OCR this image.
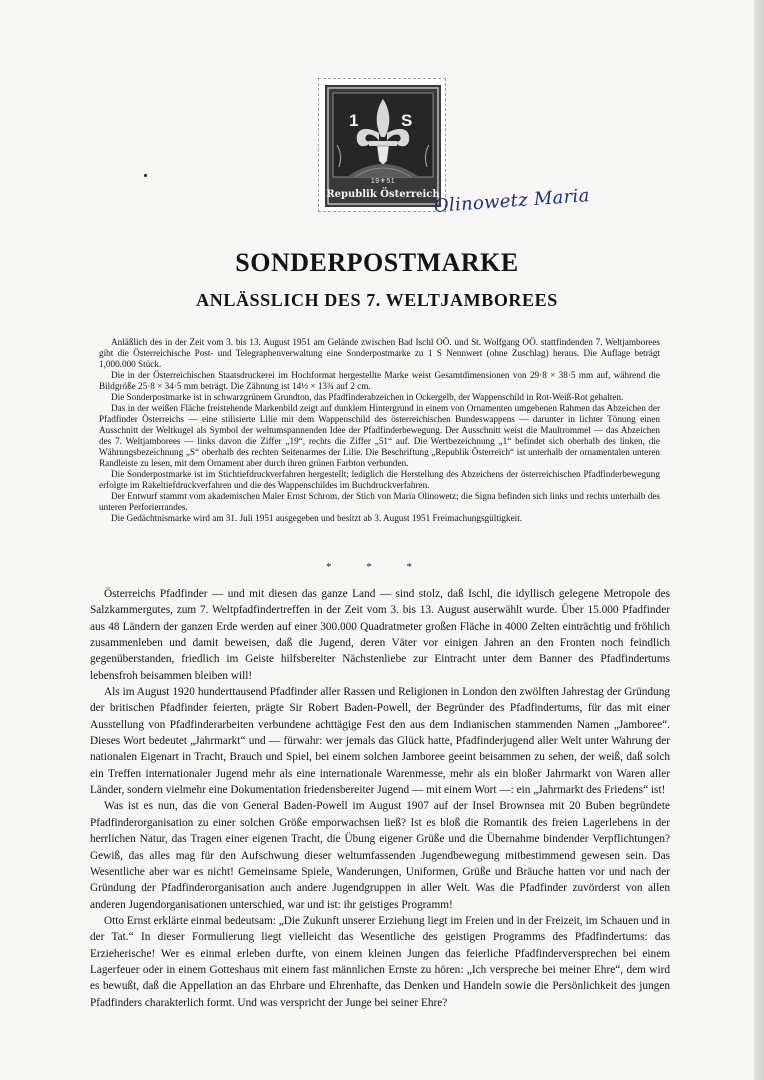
1	S
19⚜51
Republik Österreich
Olinowetz Maria
SONDERPOSTMARKE
ANLÄSSLICH DES 7. WELTJAMBOREES

Anläßlich des in der Zeit vom 3. bis 13. August 1951 am Gelände zwischen Bad Ischl OÖ. und St. Wolfgang OÖ. stattfindenden 7. Weltjamborees gibt die Österreichische Post- und Telegraphenverwaltung eine Sonderpostmarke zu 1 S Nennwert (ohne Zuschlag) heraus. Die Auflage beträgt 1,000.000 Stück.

Die in der Österreichischen Staatsdruckerei im Hochformat hergestellte Marke weist Gesamtdimensionen von 29·8 × 38·5 mm auf, während die Bildgröße 25·8 × 34·5 mm beträgt. Die Zähnung ist 14½ × 13¾ auf 2 cm.

Die Sonderpostmarke ist in schwarzgrünem Grundton, das Pfadfinderabzeichen in Ockergelb, der Wappenschild in Rot-Weiß-Rot gehalten.

Das in der weißen Fläche freistehende Markenbild zeigt auf dunklem Hintergrund in einem von Ornamenten umgebenen Rahmen das Abzeichen der Pfadfinder Österreichs — eine stilisierte Lilie mit dem Wappenschild des österreichischen Bundeswappens — darunter in lichter Tönung einen Ausschnitt der Weltkugel als Symbol der weltumspannenden Idee der Pfadfinderbewegung. Der Ausschnitt weist die Maultrommel — das Abzeichen des 7. Weltjamborees — links davon die Ziffer „19“, rechts die Ziffer „51“ auf. Die Wertbezeichnung „1“ befindet sich oberhalb des linken, die Währungsbezeichnung „S“ oberhalb des rechten Seitenarmes der Lilie. Die Beschriftung „Republik Österreich“ ist unterhalb der ornamentalen unteren Randleiste zu lesen, mit dem Ornament aber durch ihren grünen Farbton verbunden.

Die Sonderpostmarke ist im Stichtiefdruckverfahren hergestellt; lediglich die Herstellung des Abzeichens der österreichischen Pfadfinderbewegung erfolgte im Rakeltiefdruckverfahren und die des Wappenschildes im Buchdruckverfahren.

Der Entwurf stammt vom akademischen Maler Ernst Schrom, der Stich von Maria Olinowetz; die Signa befinden sich links und rechts unterhalb des unteren Perforierrandes.

Die Gedächtnismarke wird am 31. Juli 1951 ausgegeben und besitzt ab 3. August 1951 Freimachungsgültigkeit.

* * *

Österreichs Pfadfinder — und mit diesen das ganze Land — sind stolz, daß Ischl, die idyllisch gelegene Metropole des Salzkammergutes, zum 7. Weltpfadfindertreffen in der Zeit vom 3. bis 13. August auserwählt wurde. Über 15.000 Pfadfinder aus 48 Ländern der ganzen Erde werden auf einer 300.000 Quadratmeter großen Fläche in 4000 Zelten einträchtig und fröhlich zusammenleben und damit beweisen, daß die Jugend, deren Väter vor einigen Jahren an den Fronten noch feindlich gegenüberstanden, friedlich im Geiste hilfsbereiter Nächstenliebe zur Eintracht unter dem Banner des Pfadfindertums lebensfroh beisammen bleiben will!

Als im August 1920 hunderttausend Pfadfinder aller Rassen und Religionen in London den zwölften Jahrestag der Gründung der britischen Pfadfinder feierten, prägte Sir Robert Baden-Powell, der Begründer des Pfadfindertums, für das mit einer Ausstellung von Pfadfinderarbeiten verbundene achttägige Fest den aus dem Indianischen stammenden Namen „Jamboree“. Dieses Wort bedeutet „Jahrmarkt“ und — fürwahr: wer jemals das Glück hatte, Pfadfinderjugend aller Welt unter Wahrung der nationalen Eigenart in Tracht, Brauch und Spiel, bei einem solchen Jamboree geeint beisammen zu sehen, der weiß, daß solch ein Treffen internationaler Jugend mehr als eine internationale Warenmesse, mehr als ein bloßer Jahrmarkt von Waren aller Länder, sondern vielmehr eine Dokumentation friedensbereiter Jugend — mit einem Wort —: ein „Jahrmarkt des Friedens“ ist!

Was ist es nun, das die von General Baden-Powell im August 1907 auf der Insel Brownsea mit 20 Buben begründete Pfadfinderorganisation zu einer solchen Größe emporwachsen ließ? Ist es bloß die Romantik des freien Lagerlebens in der herrlichen Natur, das Tragen einer eigenen Tracht, die Übung eigener Grüße und die Übernahme bindender Verpflichtungen? Gewiß, das alles mag für den Aufschwung dieser weltumfassenden Jugendbewegung mitbestimmend gewesen sein. Das Wesentliche aber war es nicht! Gemeinsame Spiele, Wanderungen, Uniformen, Grüße und Bräuche hatten vor und nach der Gründung der Pfadfinderorganisation auch andere Jugendgruppen in aller Welt. Was die Pfadfinder zuvörderst von allen anderen Jugendorganisationen unterschied, war und ist: ihr geistiges Programm!

Otto Ernst erklärte einmal bedeutsam: „Die Zukunft unserer Erziehung liegt im Freien und in der Freizeit, im Schauen und in der Tat.“ In dieser Formulierung liegt vielleicht das Wesentliche des geistigen Programms des Pfadfindertums: das Erzieherische! Wer es einmal erleben durfte, von einem kleinen Jungen das feierliche Pfadfinderversprechen bei einem Lagerfeuer oder in einem Gotteshaus mit einem fast männlichen Ernste zu hören: „Ich verspreche bei meiner Ehre“, dem wird es bewußt, daß die Appellation an das Ehrbare und Ehrenhafte, das Denken und Handeln sowie die Persönlichkeit des jungen Pfadfinders charakterlich formt. Und was verspricht der Junge bei seiner Ehre?
